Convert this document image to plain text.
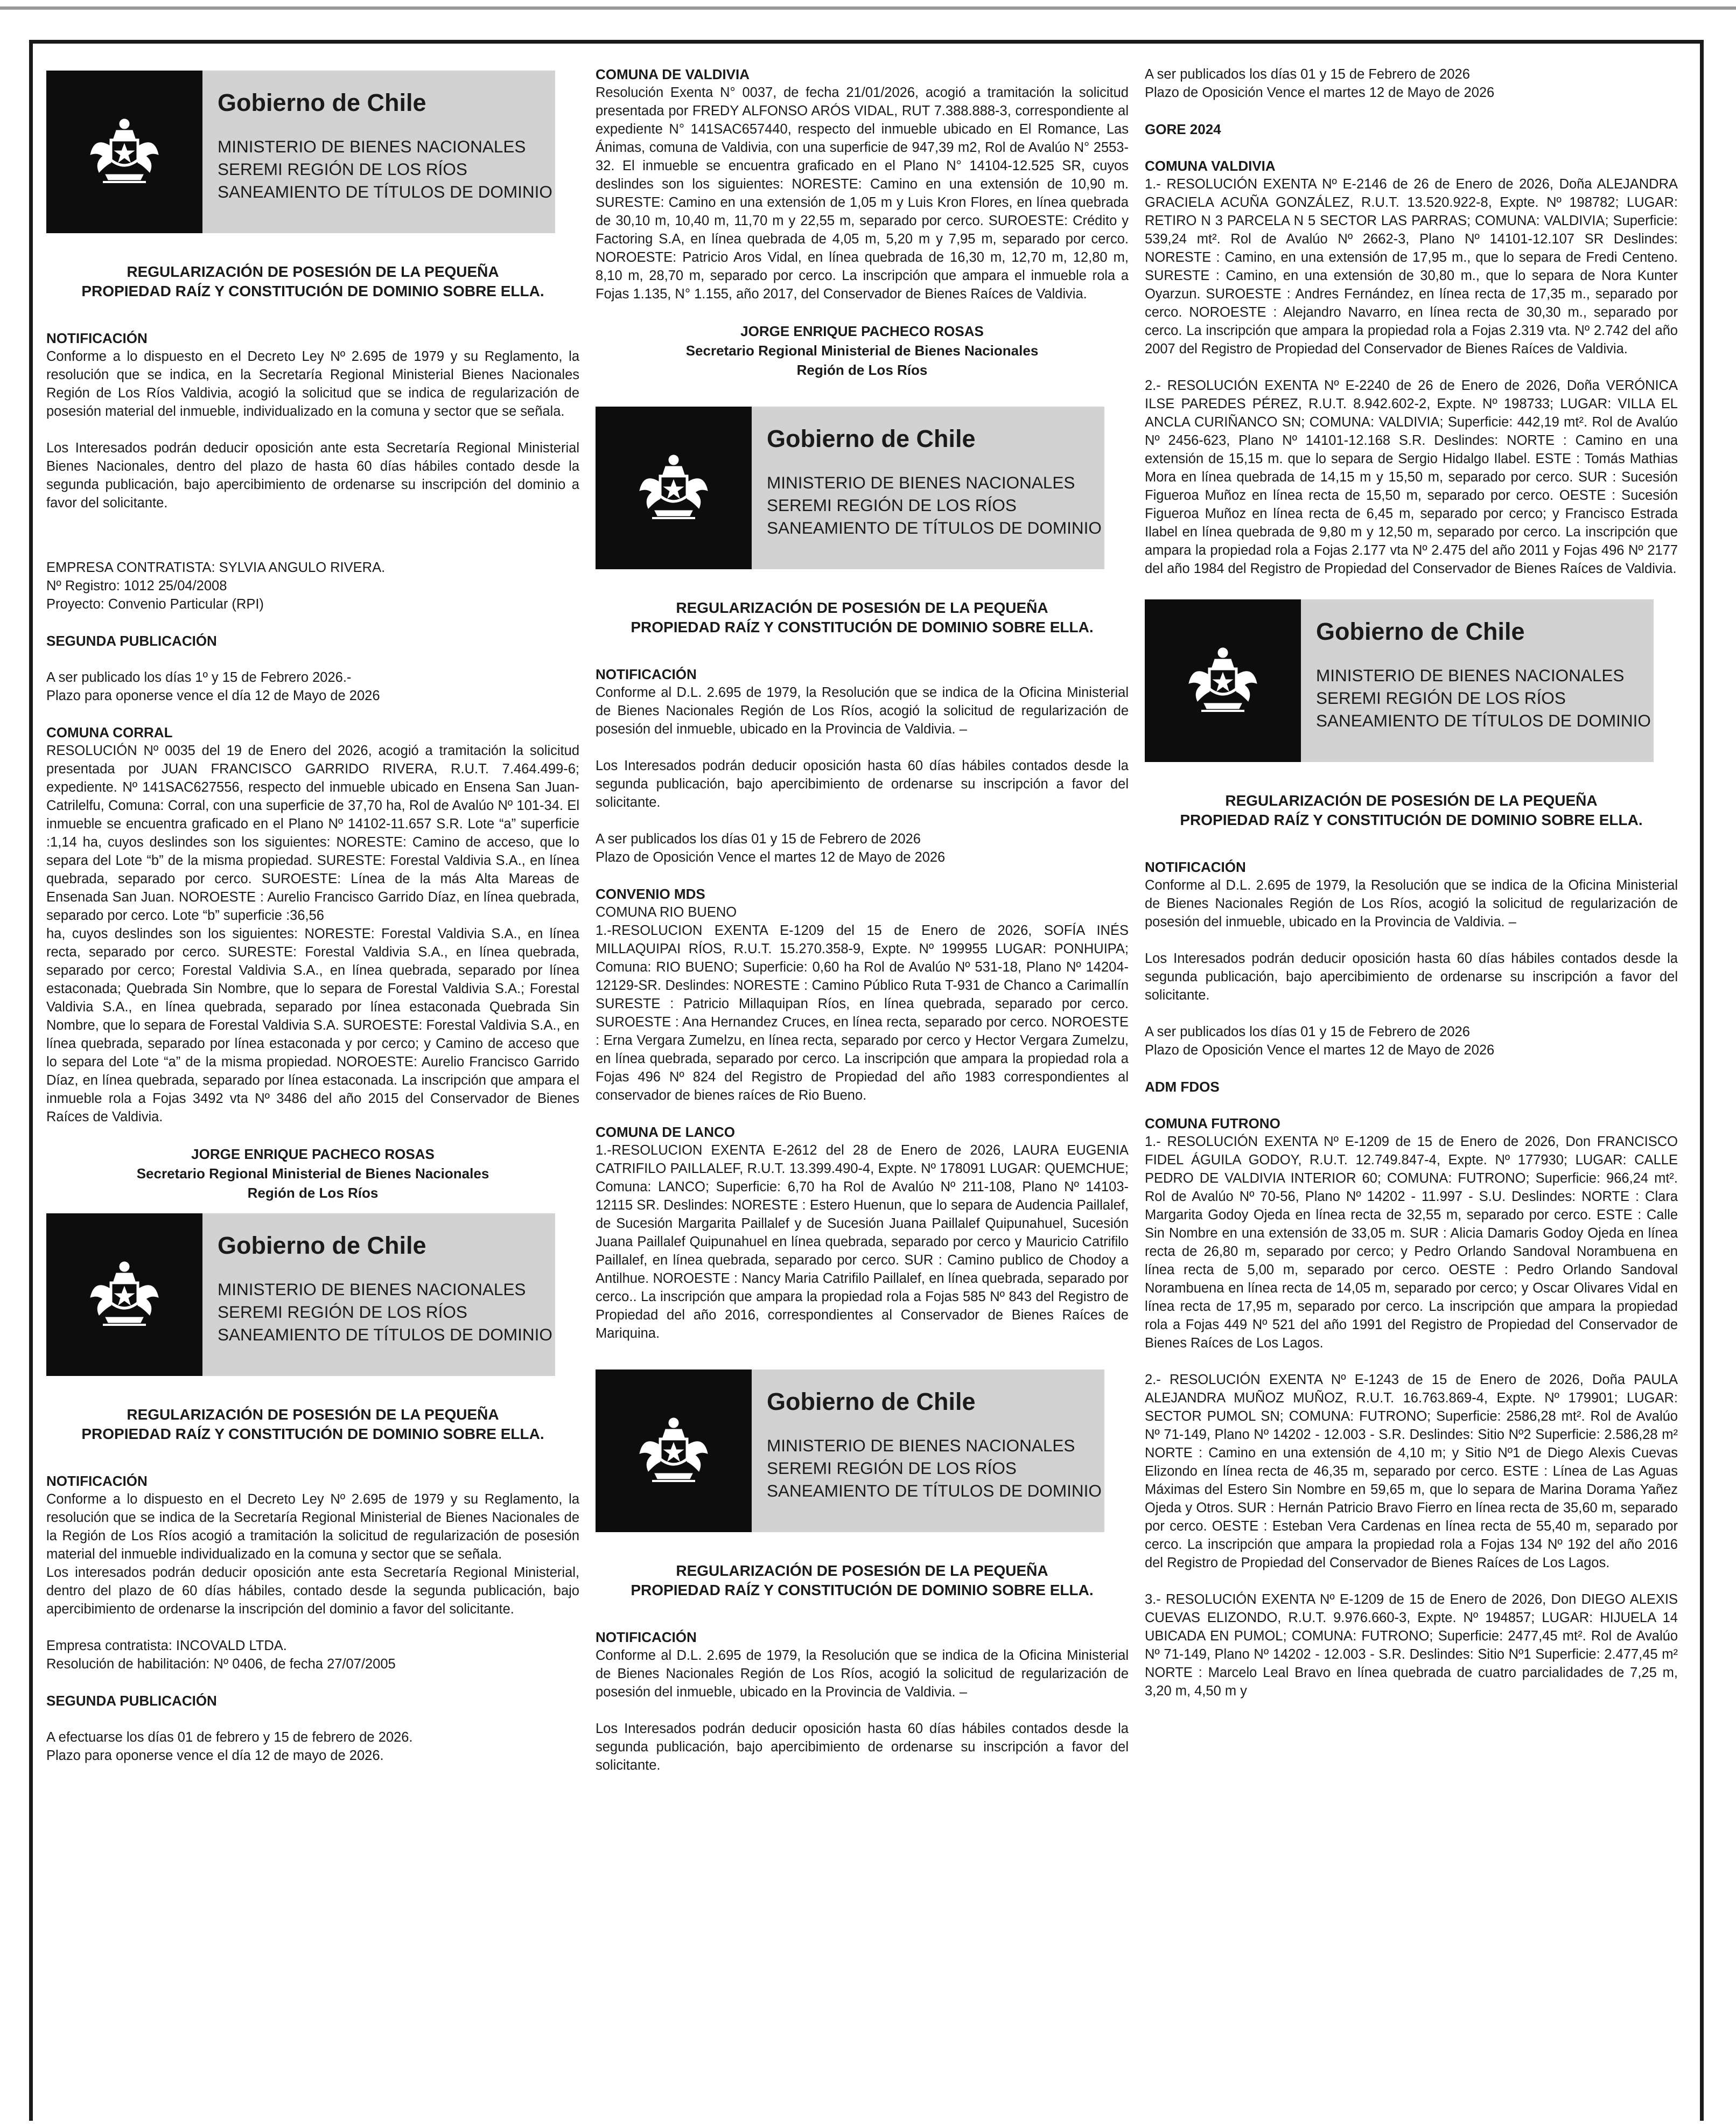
Gobierno de Chile
MINISTERIO DE BIENES NACIONALES
SEREMI REGIÓN DE LOS RÍOS
SANEAMIENTO DE TÍTULOS DE DOMINIO
REGULARIZACIÓN DE POSESIÓN DE LA PEQUEÑA
PROPIEDAD RAÍZ Y CONSTITUCIÓN DE DOMINIO SOBRE ELLA.
NOTIFICACIÓN

Conforme a lo dispuesto en el Decreto Ley Nº 2.695 de 1979 y su Reglamento, la resolución que se indica, en la Secretaría Regional Ministerial Bienes Nacionales Región de Los Ríos Valdivia, acogió la solicitud que se indica de regularización de posesión material del inmueble, individualizado en la comuna y sector que se señala.

Los Interesados podrán deducir oposición ante esta Secretaría Regional Ministerial Bienes Nacionales, dentro del plazo de hasta 60 días hábiles contado desde la segunda publicación, bajo apercibimiento de ordenarse su inscripción del dominio a favor del solicitante.

EMPRESA CONTRATISTA: SYLVIA ANGULO RIVERA.

Nº Registro: 1012 25/04/2008

Proyecto: Convenio Particular (RPI)

SEGUNDA PUBLICACIÓN

A ser publicado los días 1º y 15 de Febrero 2026.-

Plazo para oponerse vence el día 12 de Mayo de 2026

COMUNA CORRAL

RESOLUCIÓN Nº 0035 del 19 de Enero del 2026, acogió a tramitación la solicitud presentada por JUAN FRANCISCO GARRIDO RIVERA, R.U.T. 7.464.499-6; expediente. Nº 141SAC627556, respecto del inmueble ubicado en Ensena San Juan- Catrilelfu, Comuna: Corral, con una superficie de 37,70 ha, Rol de Avalúo Nº 101-34. El inmueble se encuentra graficado en el Plano Nº 14102-11.657 S.R. Lote “a” superficie :1,14 ha, cuyos deslindes son los siguientes: NORESTE: Camino de acceso, que lo separa del Lote “b” de la misma propiedad. SURESTE: Forestal Valdivia S.A., en línea quebrada, separado por cerco. SUROESTE: Línea de la más Alta Mareas de Ensenada San Juan. NOROESTE : Aurelio Francisco Garrido Díaz, en línea quebrada, separado por cerco. Lote “b” superficie :36,56

ha, cuyos deslindes son los siguientes: NORESTE: Forestal Valdivia S.A., en línea recta, separado por cerco. SURESTE: Forestal Valdivia S.A., en línea quebrada, separado por cerco; Forestal Valdivia S.A., en línea quebrada, separado por línea estaconada; Quebrada Sin Nombre, que lo separa de Forestal Valdivia S.A.; Forestal Valdivia S.A., en línea quebrada, separado por línea estaconada Quebrada Sin Nombre, que lo separa de Forestal Valdivia S.A. SUROESTE: Forestal Valdivia S.A., en línea quebrada, separado por línea estaconada y por cerco; y Camino de acceso que lo separa del Lote “a” de la misma propiedad. NOROESTE: Aurelio Francisco Garrido Díaz, en línea quebrada, separado por línea estaconada. La inscripción que ampara el inmueble rola a Fojas 3492 vta Nº 3486 del año 2015 del Conservador de Bienes Raíces de Valdivia.

JORGE ENRIQUE PACHECO ROSAS
Secretario Regional Ministerial de Bienes Nacionales
Región de Los Ríos
Gobierno de Chile
MINISTERIO DE BIENES NACIONALES
SEREMI REGIÓN DE LOS RÍOS
SANEAMIENTO DE TÍTULOS DE DOMINIO
REGULARIZACIÓN DE POSESIÓN DE LA PEQUEÑA
PROPIEDAD RAÍZ Y CONSTITUCIÓN DE DOMINIO SOBRE ELLA.
NOTIFICACIÓN

Conforme a lo dispuesto en el Decreto Ley Nº 2.695 de 1979 y su Reglamento, la resolución que se indica de la Secretaría Regional Ministerial de Bienes Nacionales de la Región de Los Ríos acogió a tramitación la solicitud de regularización de posesión material del inmueble individualizado en la comuna y sector que se señala.

Los interesados podrán deducir oposición ante esta Secretaría Regional Ministerial, dentro del plazo de 60 días hábiles, contado desde la segunda publicación, bajo apercibimiento de ordenarse la inscripción del dominio a favor del solicitante.

Empresa contratista: INCOVALD LTDA.

Resolución de habilitación: Nº 0406, de fecha 27/07/2005

SEGUNDA PUBLICACIÓN

A efectuarse los días 01 de febrero y 15 de febrero de 2026.

Plazo para oponerse vence el día 12 de mayo de 2026.

COMUNA DE VALDIVIA

Resolución Exenta N° 0037, de fecha 21/01/2026, acogió a tramitación la solicitud presentada por FREDY ALFONSO ARÓS VIDAL, RUT 7.388.888-3, correspondiente al expediente N° 141SAC657440, respecto del inmueble ubicado en El Romance, Las Ánimas, comuna de Valdivia, con una superficie de 947,39 m2, Rol de Avalúo N° 2553-32. El inmueble se encuentra graficado en el Plano N° 14104-12.525 SR, cuyos deslindes son los siguientes: NORESTE: Camino en una extensión de 10,90 m. SURESTE: Camino en una extensión de 1,05 m y Luis Kron Flores, en línea quebrada de 30,10 m, 10,40 m, 11,70 m y 22,55 m, separado por cerco. SUROESTE: Crédito y Factoring S.A, en línea quebrada de 4,05 m, 5,20 m y 7,95 m, separado por cerco. NOROESTE: Patricio Aros Vidal, en línea quebrada de 16,30 m, 12,70 m, 12,80 m, 8,10 m, 28,70 m, separado por cerco. La inscripción que ampara el inmueble rola a Fojas 1.135, N° 1.155, año 2017, del Conservador de Bienes Raíces de Valdivia.

JORGE ENRIQUE PACHECO ROSAS
Secretario Regional Ministerial de Bienes Nacionales
Región de Los Ríos
Gobierno de Chile
MINISTERIO DE BIENES NACIONALES
SEREMI REGIÓN DE LOS RÍOS
SANEAMIENTO DE TÍTULOS DE DOMINIO
REGULARIZACIÓN DE POSESIÓN DE LA PEQUEÑA
PROPIEDAD RAÍZ Y CONSTITUCIÓN DE DOMINIO SOBRE ELLA.
NOTIFICACIÓN

Conforme al D.L. 2.695 de 1979, la Resolución que se indica de la Oficina Ministerial de Bienes Nacionales Región de Los Ríos, acogió la solicitud de regularización de posesión del inmueble, ubicado en la Provincia de Valdivia. –

Los Interesados podrán deducir oposición hasta 60 días hábiles contados desde la segunda publicación, bajo apercibimiento de ordenarse su inscripción a favor del solicitante.

A ser publicados los días 01 y 15 de Febrero de 2026

Plazo de Oposición Vence el martes 12 de Mayo de 2026

CONVENIO MDS

COMUNA RIO BUENO

1.-RESOLUCION EXENTA E-1209 del 15 de Enero de 2026, SOFÍA INÉS MILLAQUIPAI RÍOS, R.U.T. 15.270.358-9, Expte. Nº 199955 LUGAR: PONHUIPA; Comuna: RIO BUENO; Superficie: 0,60 ha Rol de Avalúo Nº 531-18, Plano Nº 14204-12129-SR. Deslindes: NORESTE : Camino Público Ruta T-931 de Chanco a Carimallín SURESTE : Patricio Millaquipan Ríos, en línea quebrada, separado por cerco. SUROESTE : Ana Hernandez Cruces, en línea recta, separado por cerco. NOROESTE : Erna Vergara Zumelzu, en línea recta, separado por cerco y Hector Vergara Zumelzu, en línea quebrada, separado por cerco. La inscripción que ampara la propiedad rola a Fojas 496 Nº 824 del Registro de Propiedad del año 1983 correspondientes al conservador de bienes raíces de Rio Bueno.

COMUNA DE LANCO

1.-RESOLUCION EXENTA E-2612 del 28 de Enero de 2026, LAURA EUGENIA CATRIFILO PAILLALEF, R.U.T. 13.399.490-4, Expte. Nº 178091 LUGAR: QUEMCHUE; Comuna: LANCO; Superficie: 6,70 ha Rol de Avalúo Nº 211-108, Plano Nº 14103-12115 SR. Deslindes: NORESTE : Estero Huenun, que lo separa de Audencia Paillalef, de Sucesión Margarita Paillalef y de Sucesión Juana Paillalef Quipunahuel, Sucesión Juana Paillalef Quipunahuel en línea quebrada, separado por cerco y Mauricio Catrifilo Paillalef, en línea quebrada, separado por cerco. SUR : Camino publico de Chodoy a Antilhue. NOROESTE : Nancy Maria Catrifilo Paillalef, en línea quebrada, separado por cerco.. La inscripción que ampara la propiedad rola a Fojas 585 Nº 843 del Registro de Propiedad del año 2016, correspondientes al Conservador de Bienes Raíces de Mariquina.

Gobierno de Chile
MINISTERIO DE BIENES NACIONALES
SEREMI REGIÓN DE LOS RÍOS
SANEAMIENTO DE TÍTULOS DE DOMINIO
REGULARIZACIÓN DE POSESIÓN DE LA PEQUEÑA
PROPIEDAD RAÍZ Y CONSTITUCIÓN DE DOMINIO SOBRE ELLA.
NOTIFICACIÓN

Conforme al D.L. 2.695 de 1979, la Resolución que se indica de la Oficina Ministerial de Bienes Nacionales Región de Los Ríos, acogió la solicitud de regularización de posesión del inmueble, ubicado en la Provincia de Valdivia. –

Los Interesados podrán deducir oposición hasta 60 días hábiles contados desde la segunda publicación, bajo apercibimiento de ordenarse su inscripción a favor del solicitante.

A ser publicados los días 01 y 15 de Febrero de 2026

Plazo de Oposición Vence el martes 12 de Mayo de 2026

GORE 2024
COMUNA VALDIVIA

1.- RESOLUCIÓN EXENTA Nº E-2146 de 26 de Enero de 2026, Doña ALEJANDRA GRACIELA ACUÑA GONZÁLEZ, R.U.T. 13.520.922-8, Expte. Nº 198782; LUGAR: RETIRO N 3 PARCELA N 5 SECTOR LAS PARRAS; COMUNA: VALDIVIA; Superficie: 539,24 mt². Rol de Avalúo Nº 2662-3, Plano Nº 14101-12.107 SR Deslindes: NORESTE : Camino, en una extensión de 17,95 m., que lo separa de Fredi Centeno. SURESTE : Camino, en una extensión de 30,80 m., que lo separa de Nora Kunter Oyarzun. SUROESTE : Andres Fernández, en línea recta de 17,35 m., separado por cerco. NOROESTE : Alejandro Navarro, en línea recta de 30,30 m., separado por cerco. La inscripción que ampara la propiedad rola a Fojas 2.319 vta. Nº 2.742 del año 2007 del Registro de Propiedad del Conservador de Bienes Raíces de Valdivia.

2.- RESOLUCIÓN EXENTA Nº E-2240 de 26 de Enero de 2026, Doña VERÓNICA ILSE PAREDES PÉREZ, R.U.T. 8.942.602-2, Expte. Nº 198733; LUGAR: VILLA EL ANCLA CURIÑANCO SN; COMUNA: VALDIVIA; Superficie: 442,19 mt². Rol de Avalúo Nº 2456-623, Plano Nº 14101-12.168 S.R. Deslindes: NORTE : Camino en una extensión de 15,15 m. que lo separa de Sergio Hidalgo Ilabel. ESTE : Tomás Mathias Mora en línea quebrada de 14,15 m y 15,50 m, separado por cerco. SUR : Sucesión Figueroa Muñoz en línea recta de 15,50 m, separado por cerco. OESTE : Sucesión Figueroa Muñoz en línea recta de 6,45 m, separado por cerco; y Francisco Estrada Ilabel en línea quebrada de 9,80 m y 12,50 m, separado por cerco. La inscripción que ampara la propiedad rola a Fojas 2.177 vta Nº 2.475 del año 2011 y Fojas 496 Nº 2177 del año 1984 del Registro de Propiedad del Conservador de Bienes Raíces de Valdivia.

Gobierno de Chile
MINISTERIO DE BIENES NACIONALES
SEREMI REGIÓN DE LOS RÍOS
SANEAMIENTO DE TÍTULOS DE DOMINIO
REGULARIZACIÓN DE POSESIÓN DE LA PEQUEÑA
PROPIEDAD RAÍZ Y CONSTITUCIÓN DE DOMINIO SOBRE ELLA.
NOTIFICACIÓN

Conforme al D.L. 2.695 de 1979, la Resolución que se indica de la Oficina Ministerial de Bienes Nacionales Región de Los Ríos, acogió la solicitud de regularización de posesión del inmueble, ubicado en la Provincia de Valdivia. –

Los Interesados podrán deducir oposición hasta 60 días hábiles contados desde la segunda publicación, bajo apercibimiento de ordenarse su inscripción a favor del solicitante.

A ser publicados los días 01 y 15 de Febrero de 2026

Plazo de Oposición Vence el martes 12 de Mayo de 2026

ADM FDOS
COMUNA FUTRONO

1.- RESOLUCIÓN EXENTA Nº E-1209 de 15 de Enero de 2026, Don FRANCISCO FIDEL ÁGUILA GODOY, R.U.T. 12.749.847-4, Expte. Nº 177930; LUGAR: CALLE PEDRO DE VALDIVIA INTERIOR 60; COMUNA: FUTRONO; Superficie: 966,24 mt². Rol de Avalúo Nº 70-56, Plano Nº 14202 - 11.997 - S.U. Deslindes: NORTE : Clara Margarita Godoy Ojeda en línea recta de 32,55 m, separado por cerco. ESTE : Calle Sin Nombre en una extensión de 33,05 m. SUR : Alicia Damaris Godoy Ojeda en línea recta de 26,80 m, separado por cerco; y Pedro Orlando Sandoval Norambuena en línea recta de 5,00 m, separado por cerco. OESTE : Pedro Orlando Sandoval Norambuena en línea recta de 14,05 m, separado por cerco; y Oscar Olivares Vidal en línea recta de 17,95 m, separado por cerco. La inscripción que ampara la propiedad rola a Fojas 449 Nº 521 del año 1991 del Registro de Propiedad del Conservador de Bienes Raíces de Los Lagos.

2.- RESOLUCIÓN EXENTA Nº E-1243 de 15 de Enero de 2026, Doña PAULA ALEJANDRA MUÑOZ MUÑOZ, R.U.T. 16.763.869-4, Expte. Nº 179901; LUGAR: SECTOR PUMOL SN; COMUNA: FUTRONO; Superficie: 2586,28 mt². Rol de Avalúo Nº 71-149, Plano Nº 14202 - 12.003 - S.R. Deslindes: Sitio Nº2 Superficie: 2.586,28 m² NORTE : Camino en una extensión de 4,10 m; y Sitio Nº1 de Diego Alexis Cuevas Elizondo en línea recta de 46,35 m, separado por cerco. ESTE : Línea de Las Aguas Máximas del Estero Sin Nombre en 59,65 m, que lo separa de Marina Dorama Yañez Ojeda y Otros. SUR : Hernán Patricio Bravo Fierro en línea recta de 35,60 m, separado por cerco. OESTE : Esteban Vera Cardenas en línea recta de 55,40 m, separado por cerco. La inscripción que ampara la propiedad rola a Fojas 134 Nº 192 del año 2016 del Registro de Propiedad del Conservador de Bienes Raíces de Los Lagos.

3.- RESOLUCIÓN EXENTA Nº E-1209 de 15 de Enero de 2026, Don DIEGO ALEXIS CUEVAS ELIZONDO, R.U.T. 9.976.660-3, Expte. Nº 194857; LUGAR: HIJUELA 14 UBICADA EN PUMOL; COMUNA: FUTRONO; Superficie: 2477,45 mt². Rol de Avalúo Nº 71-149, Plano Nº 14202 - 12.003 - S.R. Deslindes: Sitio Nº1 Superficie: 2.477,45 m² NORTE : Marcelo Leal Bravo en línea quebrada de cuatro parcialidades de 7,25 m, 3,20 m, 4,50 m y
